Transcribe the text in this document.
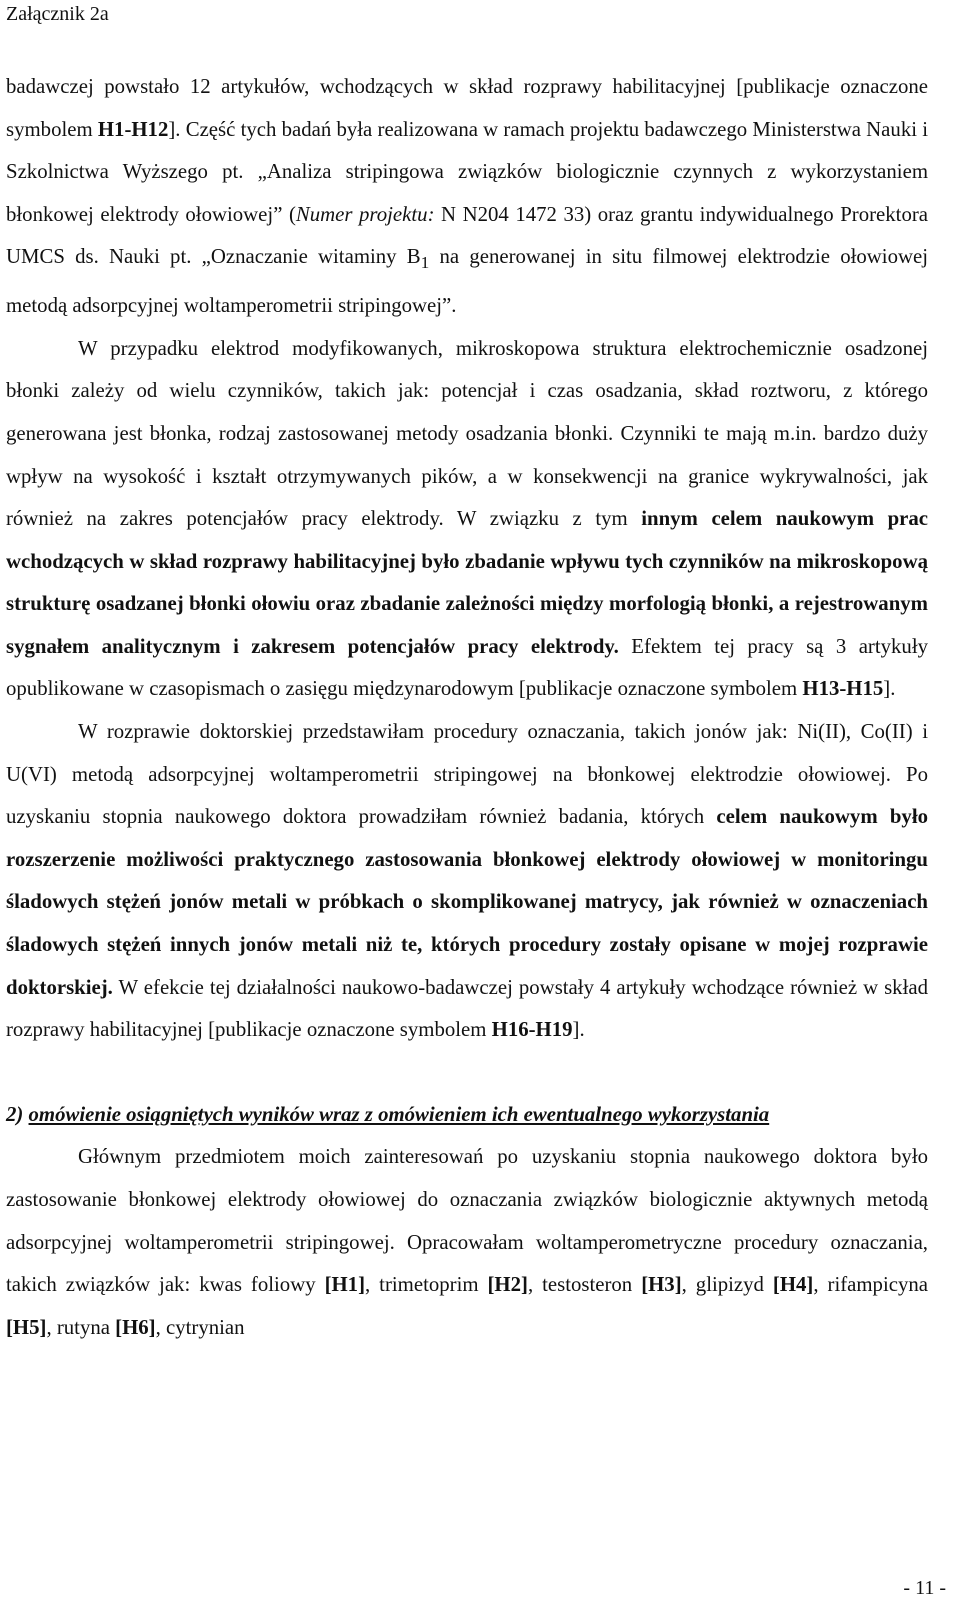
Załącznik 2a

badawczej powstało 12 artykułów, wchodzących w skład rozprawy habilitacyjnej [publikacje oznaczone symbolem H1-H12]. Część tych badań była realizowana w ramach projektu badawczego Ministerstwa Nauki i Szkolnictwa Wyższego pt. „Analiza stripingowa związków biologicznie czynnych z wykorzystaniem błonkowej elektrody ołowiowej” (Numer projektu: N N204 1472 33) oraz grantu indywidualnego Prorektora UMCS ds. Nauki pt. „Oznaczanie witaminy $B_1$ na generowanej in situ filmowej elektrodzie ołowiowej metodą adsorpcyjnej woltamperometrii stripingowej”.

W przypadku elektrod modyfikowanych, mikroskopowa struktura elektrochemicznie osadzonej błonki zależy od wielu czynników, takich jak: potencjał i czas osadzania, skład roztworu, z którego generowana jest błonka, rodzaj zastosowanej metody osadzania błonki. Czynniki te mają m.in. bardzo duży wpływ na wysokość i kształt otrzymywanych pików, a w konsekwencji na granice wykrywalności, jak również na zakres potencjałów pracy elektrody. W związku z tym innym celem naukowym prac wchodzących w skład rozprawy habilitacyjnej było zbadanie wpływu tych czynników na mikroskopową strukturę osadzanej błonki ołowiu oraz zbadanie zależności między morfologią błonki, a rejestrowanym sygnałem analitycznym i zakresem potencjałów pracy elektrody. Efektem tej pracy są 3 artykuły opublikowane w czasopismach o zasięgu międzynarodowym [publikacje oznaczone symbolem H13-H15].

W rozprawie doktorskiej przedstawiłam procedury oznaczania, takich jonów jak: Ni(II), Co(II) i U(VI) metodą adsorpcyjnej woltamperometrii stripingowej na błonkowej elektrodzie ołowiowej. Po uzyskaniu stopnia naukowego doktora prowadziłam również badania, których celem naukowym było rozszerzenie możliwości praktycznego zastosowania błonkowej elektrody ołowiowej w monitoringu śladowych stężeń jonów metali w próbkach o skomplikowanej matrycy, jak również w oznaczeniach śladowych stężeń innych jonów metali niż te, których procedury zostały opisane w mojej rozprawie doktorskiej. W efekcie tej działalności naukowo-badawczej powstały 4 artykuły wchodzące również w skład rozprawy habilitacyjnej [publikacje oznaczone symbolem H16-H19].

2) omówienie osiągniętych wyników wraz z omówieniem ich ewentualnego wykorzystania

Głównym przedmiotem moich zainteresowań po uzyskaniu stopnia naukowego doktora było zastosowanie błonkowej elektrody ołowiowej do oznaczania związków biologicznie aktywnych metodą adsorpcyjnej woltamperometrii stripingowej. Opracowałam woltamperometryczne procedury oznaczania, takich związków jak: kwas foliowy [H1], trimetoprim [H2], testosteron [H3], glipizyd [H4], rifampicyna [H5], rutyna [H6], cytrynian

- 11 -
